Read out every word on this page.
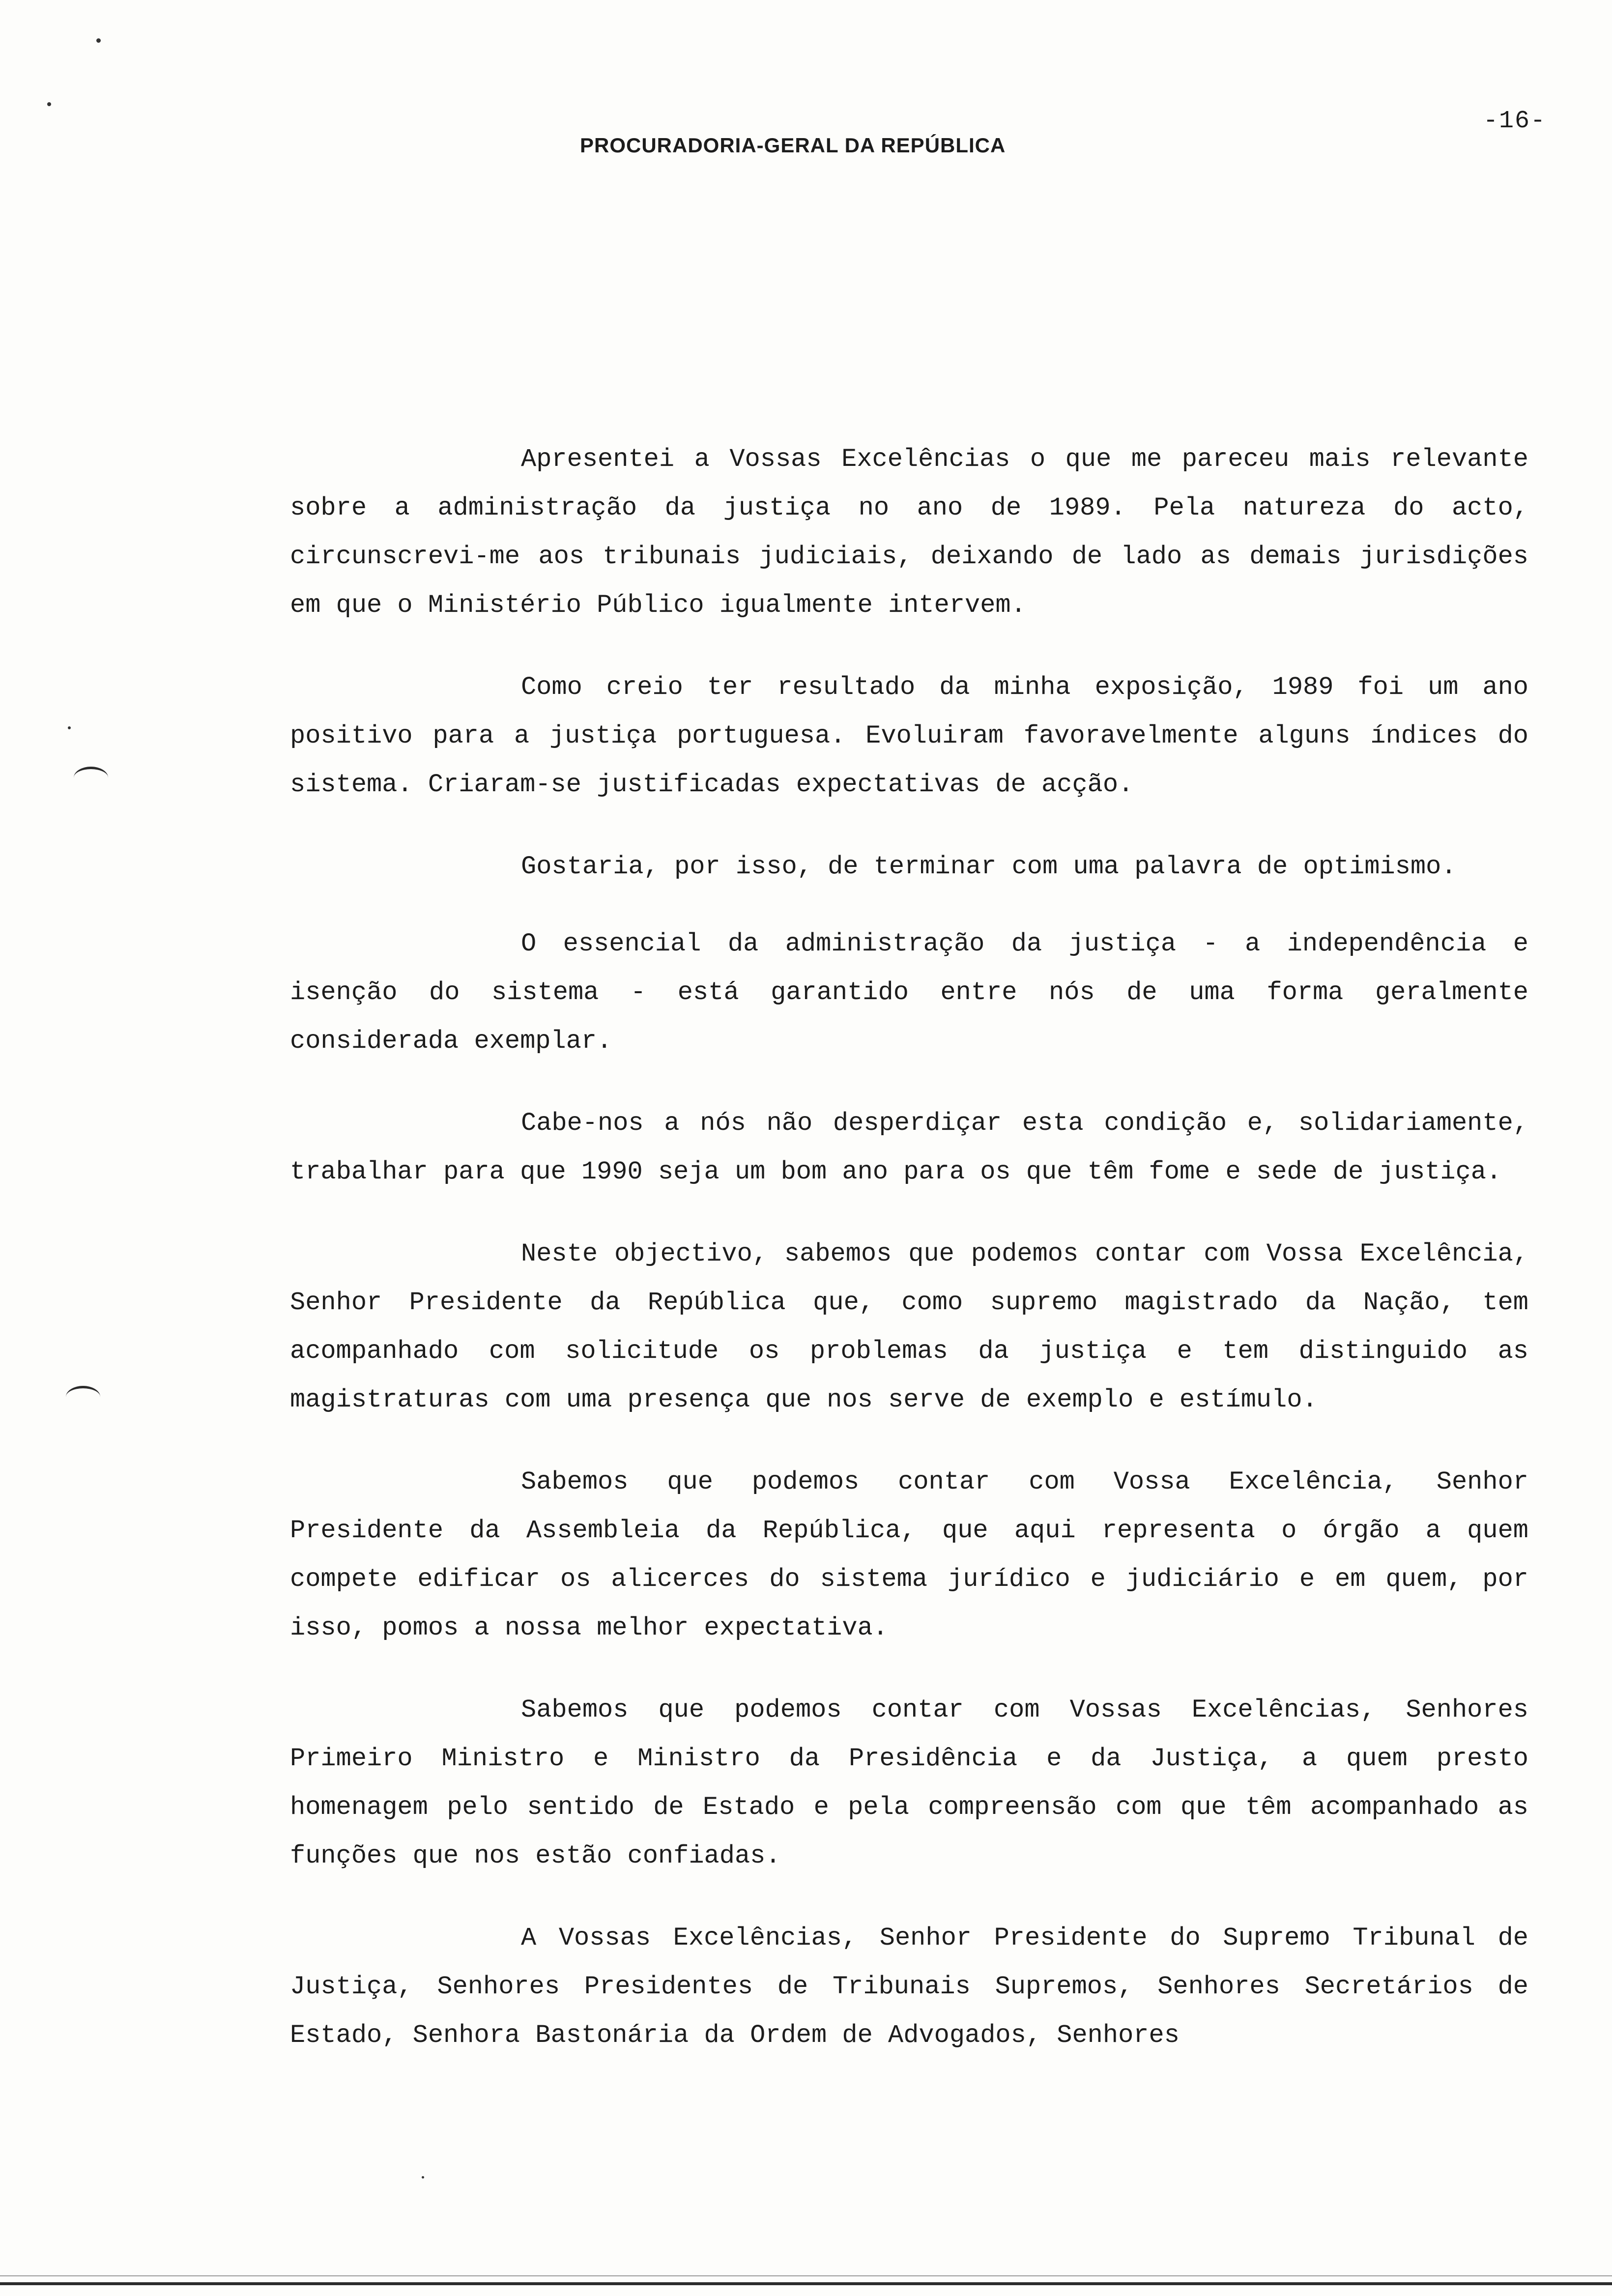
-16-
PROCURADORIA-GERAL DA REPÚBLICA

Apresentei a Vossas Excelências o que me pareceu mais relevante sobre a administração da justiça no ano de 1989. Pela natureza do acto, circunscrevi-me aos tribunais judiciais, deixando de lado as demais jurisdições em que o Ministério Público igualmente intervem.

Como creio ter resultado da minha exposição, 1989 foi um ano positivo para a justiça portuguesa. Evoluiram favoravelmente alguns índices do sistema. Criaram-se justificadas expectativas de acção.

Gostaria, por isso, de terminar com uma palavra de optimismo.

O essencial da administração da justiça - a independência e isenção do sistema - está garantido entre nós de uma forma geralmente considerada exemplar.

Cabe-nos a nós não desperdiçar esta condição e, solidariamente, trabalhar para que 1990 seja um bom ano para os que têm fome e sede de justiça.

Neste objectivo, sabemos que podemos contar com Vossa Excelência, Senhor Presidente da República que, como supremo magistrado da Nação, tem acompanhado com solicitude os problemas da justiça e tem distinguido as magistraturas com uma presença que nos serve de exemplo e estímulo.

Sabemos que podemos contar com Vossa Excelência, Senhor Presidente da Assembleia da República, que aqui representa o órgão a quem compete edificar os alicerces do sistema jurídico e judiciário e em quem, por isso, pomos a nossa melhor expectativa.

Sabemos que podemos contar com Vossas Excelências, Senhores Primeiro Ministro e Ministro da Presidência e da Justiça, a quem presto homenagem pelo sentido de Estado e pela compreensão com que têm acompanhado as funções que nos estão confiadas.

A Vossas Excelências, Senhor Presidente do Supremo Tribunal de Justiça, Senhores Presidentes de Tribunais Supremos, Senhores Secretários de Estado, Senhora Bastonária da Ordem de Advogados, Senhores
